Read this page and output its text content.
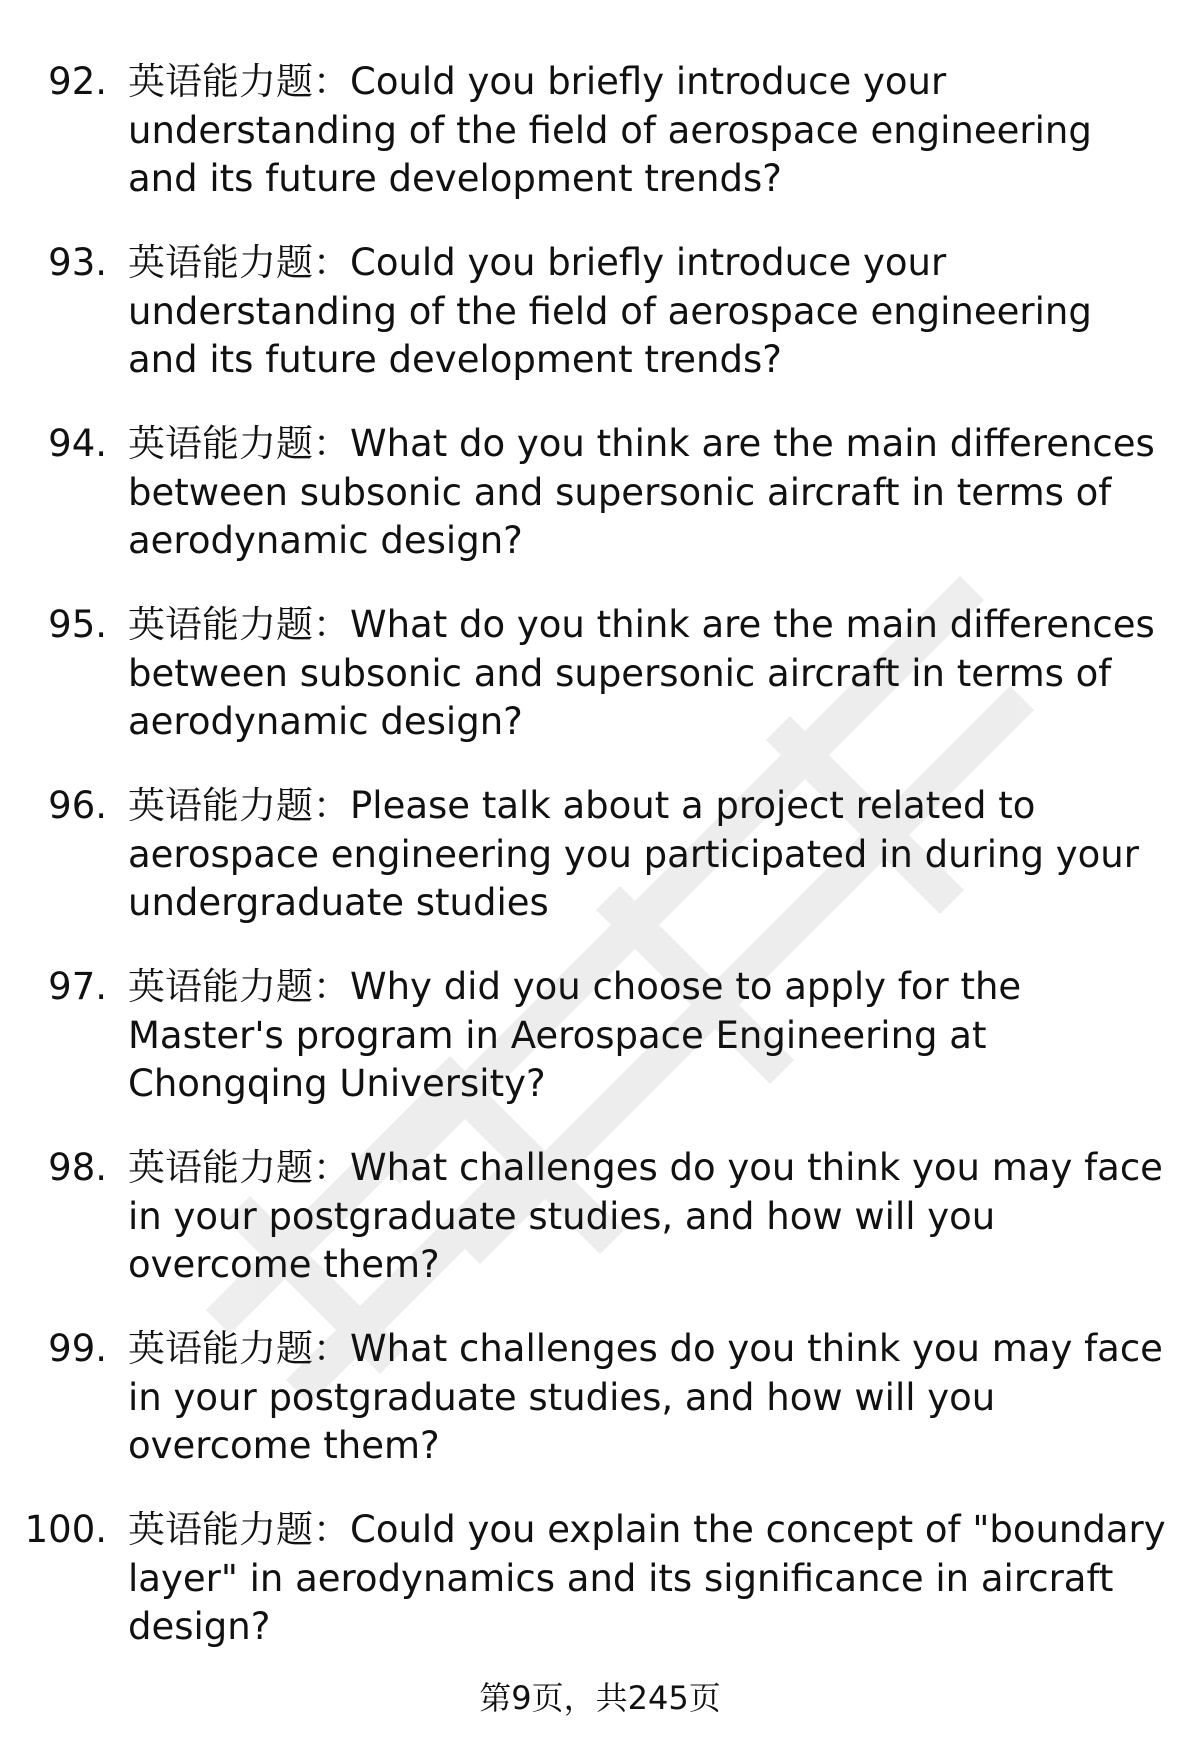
92. 英语能力题：Could you briefly introduce your understanding of the field of aerospace engineering and its future development trends?
93. 英语能力题：Could you briefly introduce your understanding of the field of aerospace engineering and its future development trends?
94. 英语能力题：What do you think are the main differences between subsonic and supersonic aircraft in terms of aerodynamic design?
95. 英语能力题：What do you think are the main differences between subsonic and supersonic aircraft in terms of aerodynamic design?
96. 英语能力题：Please talk about a project related to aerospace engineering you participated in during your undergraduate studies
97. 英语能力题：Why did you choose to apply for the Master's program in Aerospace Engineering at Chongqing University?
98. 英语能力题：What challenges do you think you may face in your postgraduate studies, and how will you overcome them?
99. 英语能力题：What challenges do you think you may face in your postgraduate studies, and how will you overcome them?
100. 英语能力题：Could you explain the concept of "boundary layer" in aerodynamics and its significance in aircraft design?
第9页，共245页
